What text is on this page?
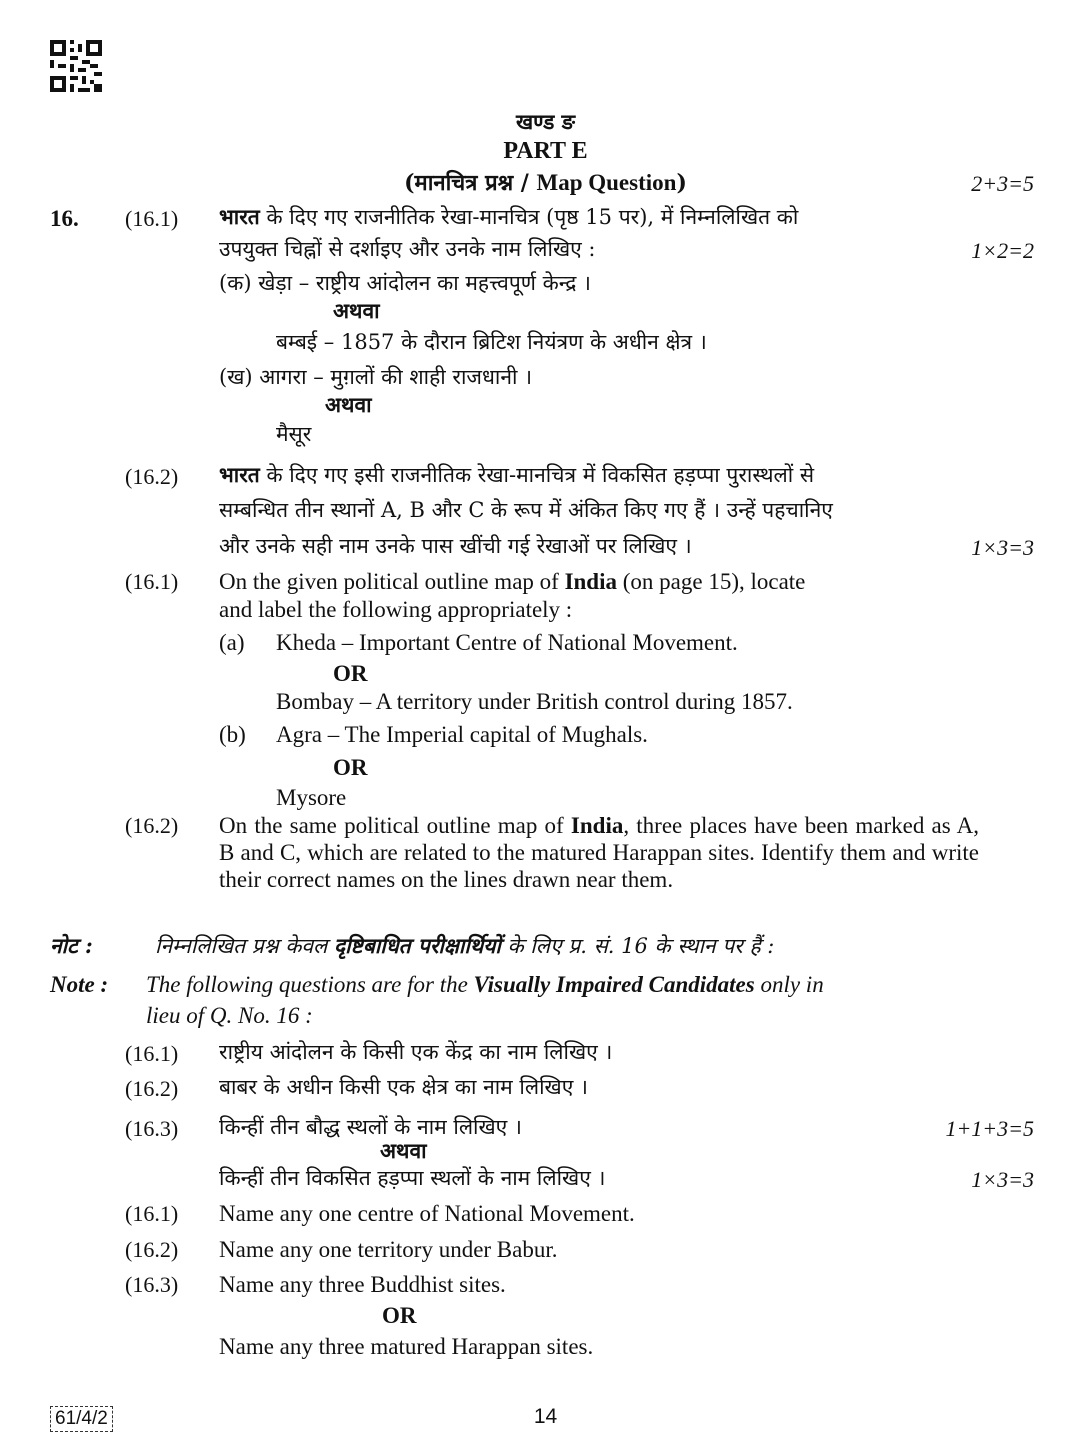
खण्ड ङ
PART E
(मानचित्र प्रश्न / Map Question)	2+3=5
16. (16.1) भारत के दिए गए राजनीतिक रेखा-मानचित्र (पृष्ठ 15 पर), में निम्नलिखित को
उपयुक्त चिह्नों से दर्शाइए और उनके नाम लिखिए :	1×2=2
(क) खेड़ा – राष्ट्रीय आंदोलन का महत्त्वपूर्ण केन्द्र ।
अथवा
बम्बई – 1857 के दौरान ब्रिटिश नियंत्रण के अधीन क्षेत्र ।
(ख) आगरा – मुग़लों की शाही राजधानी ।
अथवा
मैसूर
(16.2) भारत के दिए गए इसी राजनीतिक रेखा-मानचित्र में विकसित हड़प्पा पुरास्थलों से
सम्बन्धित तीन स्थानों A, B और C के रूप में अंकित किए गए हैं । उन्हें पहचानिए
और उनके सही नाम उनके पास खींची गई रेखाओं पर लिखिए ।	1×3=3
(16.1) On the given political outline map of India (on page 15), locate
and label the following appropriately :
(a) Kheda – Important Centre of National Movement.
OR
Bombay – A territory under British control during 1857.
(b) Agra – The Imperial capital of Mughals.
OR
Mysore
(16.2) On the same political outline map of India, three places have been marked as A, B and C, which are related to the matured Harappan sites. Identify them and write their correct names on the lines drawn near them.
नोट :	निम्नलिखित प्रश्न केवल दृष्टिबाधित परीक्षार्थियों के लिए प्र. सं. 16 के स्थान पर हैं :
Note : The following questions are for the Visually Impaired Candidates only in
lieu of Q. No. 16 :
(16.1) राष्ट्रीय आंदोलन के किसी एक केंद्र का नाम लिखिए ।
(16.2) बाबर के अधीन किसी एक क्षेत्र का नाम लिखिए ।
(16.3) किन्हीं तीन बौद्ध स्थलों के नाम लिखिए ।	1+1+3=5
अथवा
किन्हीं तीन विकसित हड़प्पा स्थलों के नाम लिखिए ।	1×3=3
(16.1) Name any one centre of National Movement.
(16.2) Name any one territory under Babur.
(16.3) Name any three Buddhist sites.
OR
Name any three matured Harappan sites.
61/4/2	14
